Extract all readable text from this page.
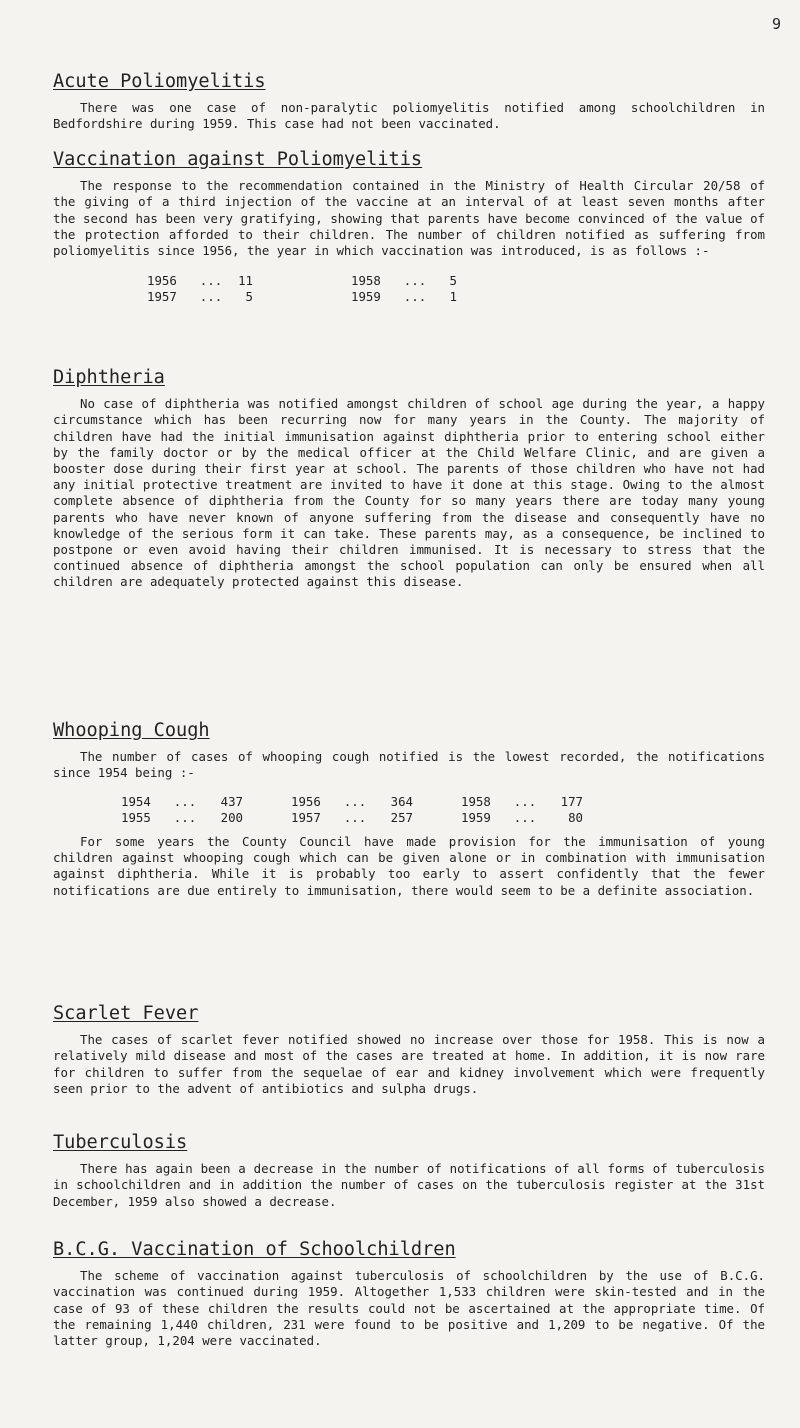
9
Acute Poliomyelitis

There was one case of non-paralytic poliomyelitis notified among schoolchildren in Bedfordshire during 1959. This case had not been vaccinated.

Vaccination against Poliomyelitis

The response to the recommendation contained in the Ministry of Health Circular 20/58 of the giving of a third injection of the vaccine at an interval of at least seven months after the second has been very gratifying, showing that parents have become convinced of the value of the protection afforded to their children. The number of children notified as suffering from poliomyelitis since 1956, the year in which vaccination was introduced, is as follows :-

1956	...	11	1958	...	5
1957	...	5	1959	...	1
Diphtheria

No case of diphtheria was notified amongst children of school age during the year, a happy circumstance which has been recurring now for many years in the County. The majority of children have had the initial immunisation against diphtheria prior to entering school either by the family doctor or by the medical officer at the Child Welfare Clinic, and are given a booster dose during their first year at school. The parents of those children who have not had any initial protective treatment are invited to have it done at this stage. Owing to the almost complete absence of diphtheria from the County for so many years there are today many young parents who have never known of anyone suffering from the disease and consequently have no knowledge of the serious form it can take. These parents may, as a consequence, be inclined to postpone or even avoid having their children immunised. It is necessary to stress that the continued absence of diphtheria amongst the school population can only be ensured when all children are adequately protected against this disease.

Whooping Cough

The number of cases of whooping cough notified is the lowest recorded, the notifications since 1954 being :-

1954	...	437	1956	...	364	1958	...	177
1955	...	200	1957	...	257	1959	...	80

For some years the County Council have made provision for the immunisation of young children against whooping cough which can be given alone or in combination with immunisation against diphtheria. While it is probably too early to assert confidently that the fewer notifications are due entirely to immunisation, there would seem to be a definite association.

Scarlet Fever

The cases of scarlet fever notified showed no increase over those for 1958. This is now a relatively mild disease and most of the cases are treated at home. In addition, it is now rare for children to suffer from the sequelae of ear and kidney involvement which were frequently seen prior to the advent of antibiotics and sulpha drugs.

Tuberculosis

There has again been a decrease in the number of notifications of all forms of tuberculosis in schoolchildren and in addition the number of cases on the tuberculosis register at the 31st December, 1959 also showed a decrease.

B.C.G. Vaccination of Schoolchildren

The scheme of vaccination against tuberculosis of schoolchildren by the use of B.C.G. vaccination was continued during 1959. Altogether 1,533 children were skin-tested and in the case of 93 of these children the results could not be ascertained at the appropriate time. Of the remaining 1,440 children, 231 were found to be positive and 1,209 to be negative. Of the latter group, 1,204 were vaccinated.
